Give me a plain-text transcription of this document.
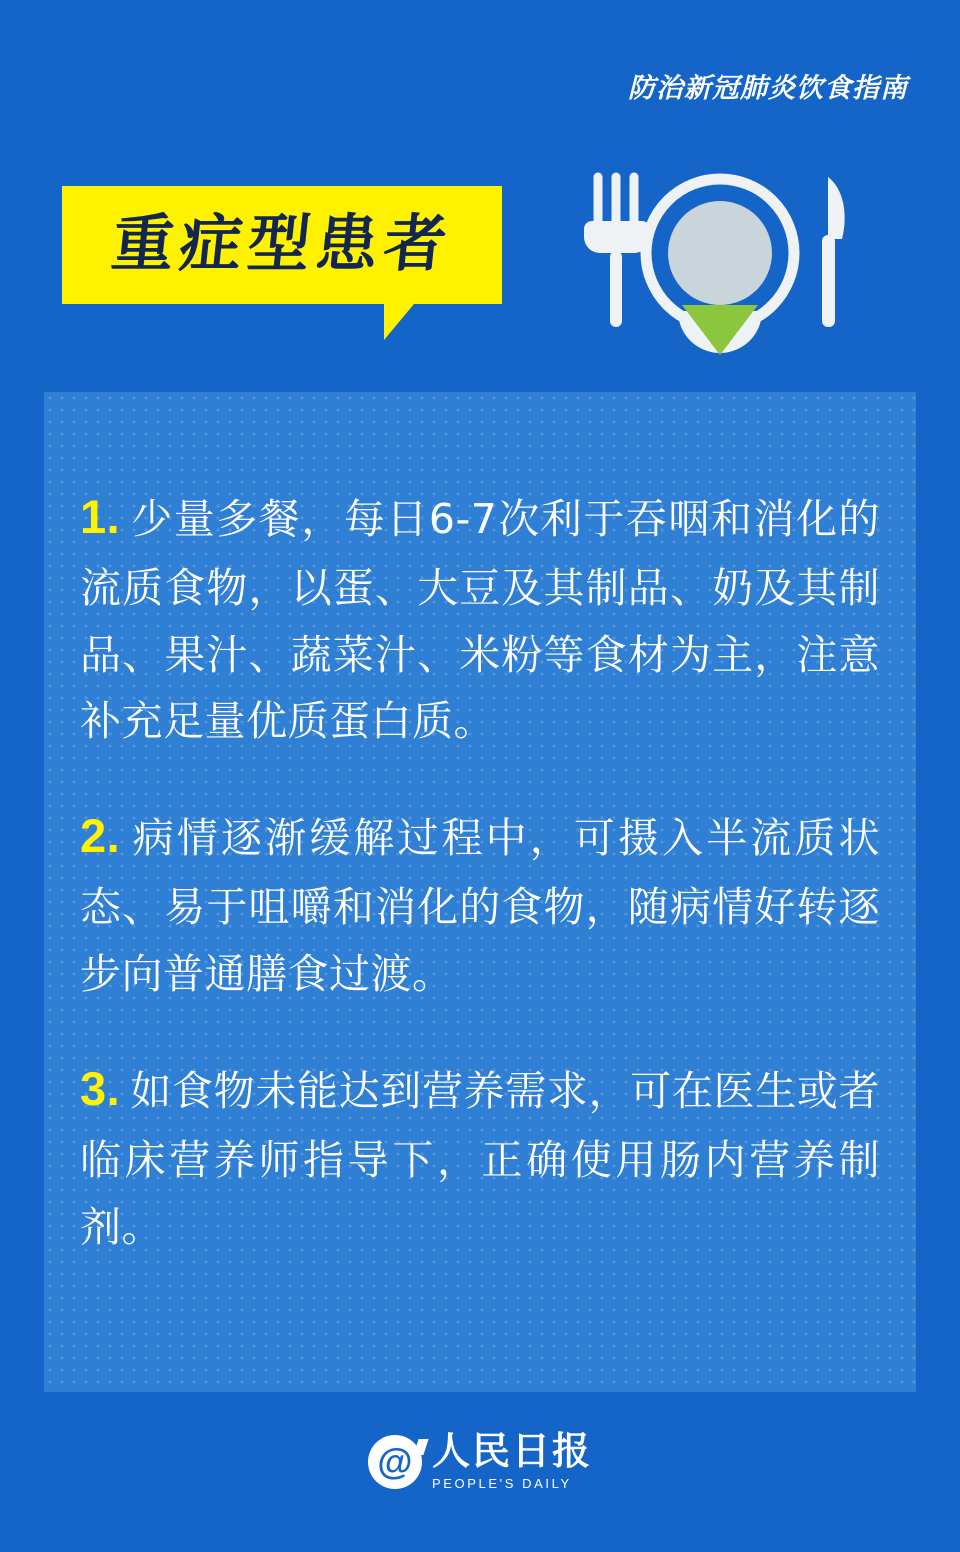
防治新冠肺炎饮食指南
重症型患者

1. 少量多餐，每日6-7次利于吞咽和消化的流质食物，以蛋、大豆及其制品、奶及其制品、果汁、蔬菜汁、米粉等食材为主，注意补充足量优质蛋白质。

2. 病情逐渐缓解过程中，可摄入半流质状态、易于咀嚼和消化的食物，随病情好转逐步向普通膳食过渡。

3. 如食物未能达到营养需求，可在医生或者临床营养师指导下，正确使用肠内营养制剂。

@ 人民日报
PEOPLE'S DAILY
